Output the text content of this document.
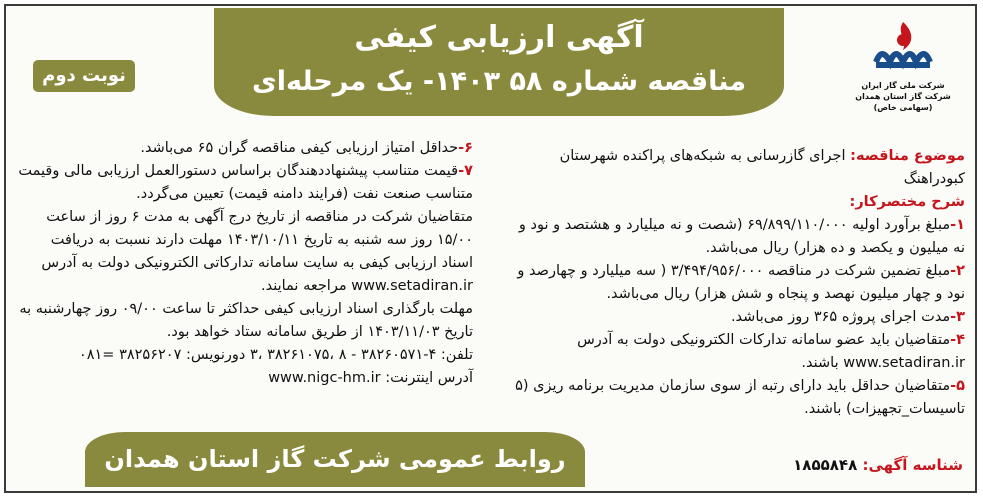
آگهی ارزیابی کیفی
مناقصه شماره ۵۸ ۱۴۰۳- یک مرحله‌ای
نوبت دوم	شرکت ملی گاز ایران
شرکت گاز استان همدان
(سهامی خاص)

موضوع مناقصه: اجرای گازرسانی به شبکه‌های پراکنده شهرستان کبودراهنگ

شرح مختصرکار:

۱-مبلغ برآورد اولیه ۶۹/۸۹۹/۱۱۰/۰۰۰ (شصت و نه میلیارد و هشتصد و نود و نه میلیون و یکصد و ده هزار) ریال می‌باشد.

۲-مبلغ تضمین شرکت در مناقصه ۳/۴۹۴/۹۵۶/۰۰۰ ( سه میلیارد و چهارصد و نود و چهار میلیون نهصد و پنجاه و شش هزار) ریال می‌باشد.

۳-مدت اجرای پروژه ۳۶۵ روز می‌باشد.

۴-متقاضیان باید عضو سامانه تدارکات الکترونیکی دولت به آدرس www.setadiran.ir باشند.

۵-متقاضیان حداقل باید دارای رتبه از سوی سازمان مدیریت برنامه ریزی (۵ تاسیسات_تجهیزات) باشند.

۶-حداقل امتیاز ارزیابی کیفی مناقصه گران ۶۵ می‌باشد.

۷-قیمت متناسب پیشنهاددهندگان براساس دستورالعمل ارزیابی مالی وقیمت متناسب صنعت نفت (فرایند دامنه قیمت) تعیین می‌گردد.

متقاضیان شرکت در مناقصه از تاریخ درج آگهی به مدت ۶ روز از ساعت ۱۵/۰۰ روز سه شنبه به تاریخ ۱۴۰۳/۱۰/۱۱ مهلت دارند نسبت به دریافت اسناد ارزیابی کیفی به سایت سامانه تدارکاتی الکترونیکی دولت به آدرس www.setadiran.ir مراجعه نمایند.

مهلت بارگذاری اسناد ارزیابی کیفی حداکثر تا ساعت ۰۹/۰۰ روز چهارشنبه به تاریخ ۱۴۰۳/۱۱/۰۳ از طریق سامانه ستاد خواهد بود.

تلفن: ۴-۳۸۲۶۰۵۷۱ - ۸ ،۳۸۲۶۱۰۷۵ ،۳ دورنویس: ۳۸۲۵۶۲۰۷ =۰۸۱

آدرس اینترنت: www.nigc-hm.ir

روابط عمومی شرکت گاز استان همدان	شناسه آگهی: ۱۸۵۵۸۴۸
